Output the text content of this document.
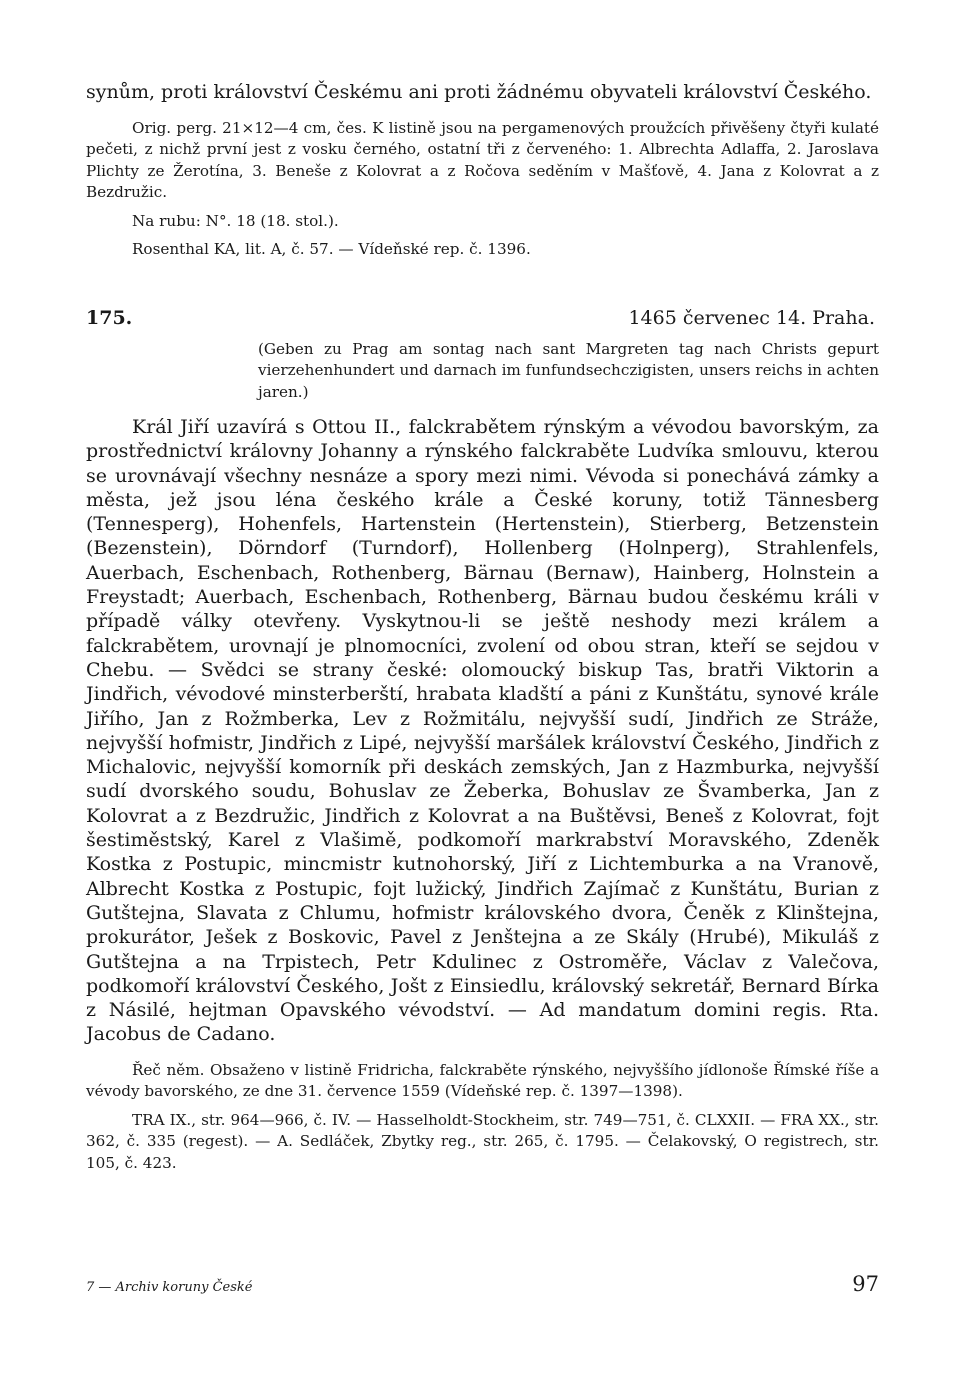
synům, proti království Českému ani proti žádnému obyvateli království Českého.

Orig. perg. 21×12—4 cm, čes. K listině jsou na pergamenových proužcích přivěšeny čtyři kulaté pečeti, z nichž první jest z vosku černého, ostatní tři z červeného: 1. Albrechta Adlaffa, 2. Jaroslava Plichty ze Žerotína, 3. Beneše z Kolovrat a z Ročova seděním v Mašťově, 4. Jana z Kolovrat a z Bezdružic.

Na rubu: N°. 18 (18. stol.).

Rosenthal KA, lit. A, č. 57. — Vídeňské rep. č. 1396.

175.	1465 červenec 14. Praha.

(Geben zu Prag am sontag nach sant Margreten tag nach Christs gepurt vierzehenhundert und darnach im funfundsechczigisten, unsers reichs in achten jaren.)

Král Jiří uzavírá s Ottou II., falckrabětem rýnským a vévodou bavorským, za prostřednictví královny Johanny a rýnského falckraběte Ludvíka smlouvu, kterou se urovnávají všechny nesnáze a spory mezi nimi. Vévoda si ponechává zámky a města, jež jsou léna českého krále a České koruny, totiž Tännesberg (Tennesperg), Hohenfels, Hartenstein (Hertenstein), Stierberg, Betzenstein (Bezenstein), Dörndorf (Turndorf), Hollenberg (Holnperg), Strahlenfels, Auerbach, Eschenbach, Rothenberg, Bärnau (Bernaw), Hainberg, Holnstein a Freystadt; Auerbach, Eschenbach, Rothenberg, Bärnau budou českému králi v případě války otevřeny. Vyskytnou-li se ještě neshody mezi králem a falckrabětem, urovnají je plnomocníci, zvolení od obou stran, kteří se sejdou v Chebu. — Svědci se strany české: olomoucký biskup Tas, bratři Viktorin a Jindřich, vévodové minsterberští, hrabata kladští a páni z Kunštátu, synové krále Jiřího, Jan z Rožmberka, Lev z Rožmitálu, nejvyšší sudí, Jindřich ze Stráže, nejvyšší hofmistr, Jindřich z Lipé, nejvyšší maršálek království Českého, Jindřich z Michalovic, nejvyšší komorník při deskách zemských, Jan z Hazmburka, nejvyšší sudí dvorského soudu, Bohuslav ze Žeberka, Bohuslav ze Švamberka, Jan z Kolovrat a z Bezdružic, Jindřich z Kolovrat a na Buštěvsi, Beneš z Kolovrat, fojt šestiměstský, Karel z Vlašimě, podkomoří markrabství Moravského, Zdeněk Kostka z Postupic, mincmistr kutnohorský, Jiří z Lichtemburka a na Vranově, Albrecht Kostka z Postupic, fojt lužický, Jindřich Zajímač z Kunštátu, Burian z Gutštejna, Slavata z Chlumu, hofmistr královského dvora, Čeněk z Klinštejna, prokurátor, Ješek z Boskovic, Pavel z Jenštejna a ze Skály (Hrubé), Mikuláš z Gutštejna a na Trpistech, Petr Kdulinec z Ostroměře, Václav z Valečova, podkomoří království Českého, Jošt z Einsiedlu, královský sekretář, Bernard Bírka z Násilé, hejtman Opavského vévodství. — Ad mandatum domini regis. Rta. Jacobus de Cadano.

Řeč něm. Obsaženo v listině Fridricha, falckraběte rýnského, nejvyššího jídlonoše Římské říše a vévody bavorského, ze dne 31. července 1559 (Vídeňské rep. č. 1397—1398).

TRA IX., str. 964—966, č. IV. — Hasselholdt-Stockheim, str. 749—751, č. CLXXII. — FRA XX., str. 362, č. 335 (regest). — A. Sedláček, Zbytky reg., str. 265, č. 1795. — Čelakovský, O registrech, str. 105, č. 423.

7 — Archiv koruny České	97
